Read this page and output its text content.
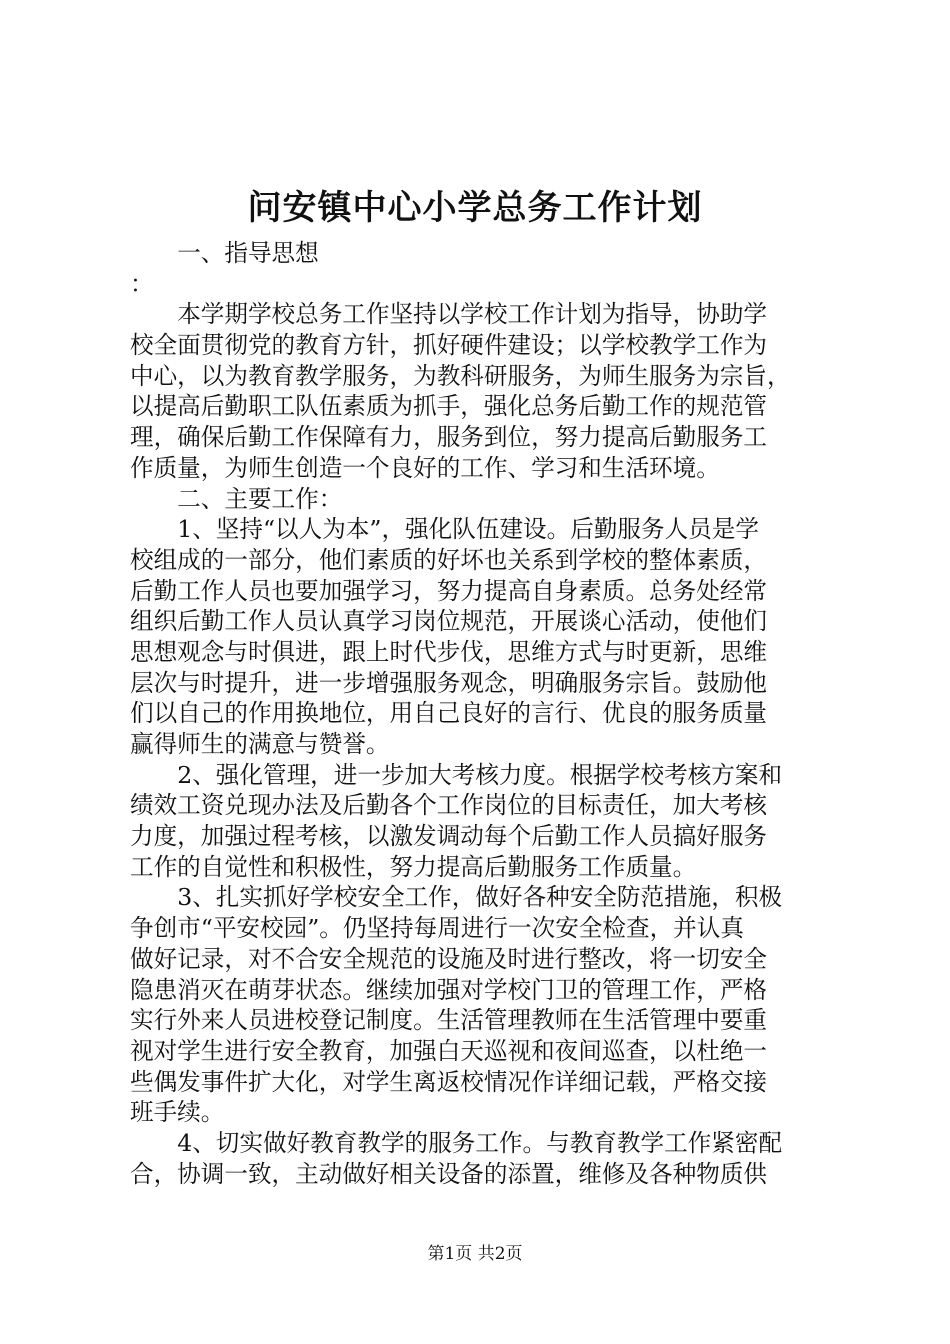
问安镇中心小学总务工作计划
一、指导思想
：
本学期学校总务工作坚持以学校工作计划为指导，协助学
校全面贯彻党的教育方针，抓好硬件建设；以学校教学工作为
中心，以为教育教学服务，为教科研服务，为师生服务为宗旨，
以提高后勤职工队伍素质为抓手，强化总务后勤工作的规范管
理，确保后勤工作保障有力，服务到位，努力提高后勤服务工
作质量，为师生创造一个良好的工作、学习和生活环境。
二、主要工作：
1、坚持“以人为本”，强化队伍建设。后勤服务人员是学
校组成的一部分，他们素质的好坏也关系到学校的整体素质，
后勤工作人员也要加强学习，努力提高自身素质。总务处经常
组织后勤工作人员认真学习岗位规范，开展谈心活动，使他们
思想观念与时俱进，跟上时代步伐，思维方式与时更新，思维
层次与时提升，进一步增强服务观念，明确服务宗旨。鼓励他
们以自己的作用换地位，用自己良好的言行、优良的服务质量
赢得师生的满意与赞誉。
2、强化管理，进一步加大考核力度。根据学校考核方案和
绩效工资兑现办法及后勤各个工作岗位的目标责任，加大考核
力度，加强过程考核，以激发调动每个后勤工作人员搞好服务
工作的自觉性和积极性，努力提高后勤服务工作质量。
3、扎实抓好学校安全工作，做好各种安全防范措施，积极
争创市“平安校园”。仍坚持每周进行一次安全检查，并认真
做好记录，对不合安全规范的设施及时进行整改，将一切安全
隐患消灭在萌芽状态。继续加强对学校门卫的管理工作，严格
实行外来人员进校登记制度。生活管理教师在生活管理中要重
视对学生进行安全教育，加强白天巡视和夜间巡查，以杜绝一
些偶发事件扩大化，对学生离返校情况作详细记载，严格交接
班手续。
4、切实做好教育教学的服务工作。与教育教学工作紧密配
合，协调一致，主动做好相关设备的添置，维修及各种物质供
第1页 共2页
